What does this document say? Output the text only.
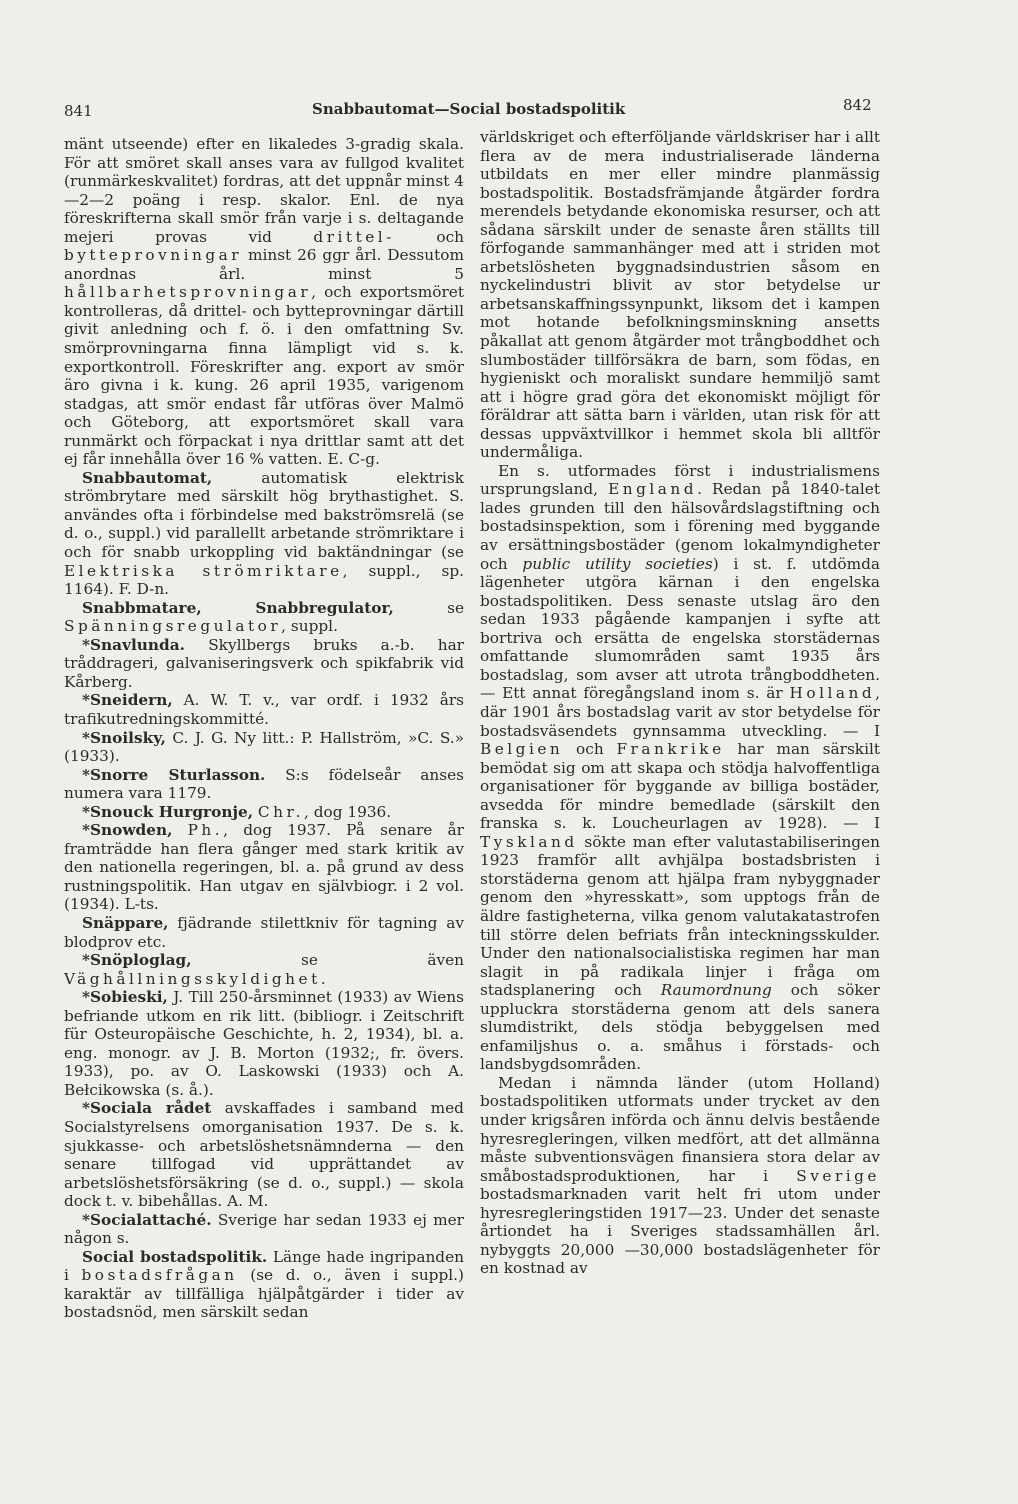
841	Snabbautomat—Social bostadspolitik	842

mänt utseende) efter en likaledes 3-gradig skala. För att smöret skall anses vara av fullgod kvalitet (runmärkeskvalitet) fordras, att det uppnår minst 4—2—2 poäng i resp. skalor. Enl. de nya föreskrifterna skall smör från varje i s. deltagande mejeri provas vid drittel- och bytteprovningar minst 26 ggr årl. Dessutom anordnas årl. minst 5 hållbarhetsprovningar, och exportsmöret kontrolleras, då drittel- och bytteprovningar därtill givit anledning och f. ö. i den omfattning Sv. smörprovningarna finna lämpligt vid s. k. exportkontroll. Föreskrifter ang. export av smör äro givna i k. kung. 26 april 1935, varigenom stadgas, att smör endast får utföras över Malmö och Göteborg, att exportsmöret skall vara runmärkt och förpackat i nya drittlar samt att det ej får innehålla över 16 % vatten. E. C-g.

Snabbautomat, automatisk elektrisk strömbrytare med särskilt hög brythastighet. S. användes ofta i förbindelse med bakströmsrelä (se d. o., suppl.) vid parallellt arbetande strömriktare i och för snabb urkoppling vid baktändningar (se Elektriska strömriktare, suppl., sp. 1164). F. D-n.

Snabbmatare, Snabbregulator, se Spänningsregulator, suppl.

*Snavlunda. Skyllbergs bruks a.-b. har tråddrageri, galvaniseringsverk och spikfabrik vid Kårberg.

*Sneidern, A. W. T. v., var ordf. i 1932 års trafikutredningskommitté.

*Snoilsky, C. J. G. Ny litt.: P. Hallström, »C. S.» (1933).

*Snorre Sturlasson. S:s födelseår anses numera vara 1179.

*Snouck Hurgronje, Chr., dog 1936.

*Snowden, Ph., dog 1937. På senare år framträdde han flera gånger med stark kritik av den nationella regeringen, bl. a. på grund av dess rustningspolitik. Han utgav en självbiogr. i 2 vol. (1934). L-ts.

Snäppare, fjädrande stilettkniv för tagning av blodprov etc.

*Snöploglag, se även Väghållningsskyldighet.

*Sobieski, J. Till 250-årsminnet (1933) av Wiens befriande utkom en rik litt. (bibliogr. i Zeitschrift für Osteuropäische Geschichte, h. 2, 1934), bl. a. eng. monogr. av J. B. Morton (1932;, fr. övers. 1933), po. av O. Laskowski (1933) och A. Bełcikowska (s. å.).

*Sociala rådet avskaffades i samband med Socialstyrelsens omorganisation 1937. De s. k. sjukkasse- och arbetslöshetsnämnderna — den senare tillfogad vid upprättandet av arbetslöshetsförsäkring (se d. o., suppl.) — skola dock t. v. bibehållas. A. M.

*Socialattaché. Sverige har sedan 1933 ej mer någon s.

Social bostadspolitik. Länge hade ingripanden i bostadsfrågan (se d. o., även i suppl.) karaktär av tillfälliga hjälpåtgärder i tider av bostadsnöd, men särskilt sedan

världskriget och efterföljande världskriser har i allt flera av de mera industrialiserade länderna utbildats en mer eller mindre planmässig bostadspolitik. Bostadsfrämjande åtgärder fordra merendels betydande ekonomiska resurser, och att sådana särskilt under de senaste åren ställts till förfogande sammanhänger med att i striden mot arbetslösheten byggnadsindustrien såsom en nyckelindustri blivit av stor betydelse ur arbetsanskaffningssynpunkt, liksom det i kampen mot hotande befolkningsminskning ansetts påkallat att genom åtgärder mot trångboddhet och slumbostäder tillförsäkra de barn, som födas, en hygieniskt och moraliskt sundare hemmiljö samt att i högre grad göra det ekonomiskt möjligt för föräldrar att sätta barn i världen, utan risk för att dessas uppväxtvillkor i hemmet skola bli alltför undermåliga.

En s. utformades först i industrialismens ursprungsland, England. Redan på 1840-talet lades grunden till den hälsovårdslagstiftning och bostadsinspektion, som i förening med byggande av ersättningsbostäder (genom lokalmyndigheter och public utility societies) i st. f. utdömda lägenheter utgöra kärnan i den engelska bostadspolitiken. Dess senaste utslag äro den sedan 1933 pågående kampanjen i syfte att bortriva och ersätta de engelska storstädernas omfattande slumområden samt 1935 års bostadslag, som avser att utrota trångboddheten. — Ett annat föregångsland inom s. är Holland, där 1901 års bostadslag varit av stor betydelse för bostadsväsendets gynnsamma utveckling. — I Belgien och Frankrike har man särskilt bemödat sig om att skapa och stödja halvoffentliga organisationer för byggande av billiga bostäder, avsedda för mindre bemedlade (särskilt den franska s. k. Loucheurlagen av 1928). — I Tyskland sökte man efter valutastabiliseringen 1923 framför allt avhjälpa bostadsbristen i storstäderna genom att hjälpa fram nybyggnader genom den »hyresskatt», som upptogs från de äldre fastigheterna, vilka genom valutakatastrofen till större delen befriats från inteckningsskulder. Under den nationalsocialistiska regimen har man slagit in på radikala linjer i fråga om stadsplanering och Raumordnung och söker uppluckra storstäderna genom att dels sanera slumdistrikt, dels stödja bebyggelsen med enfamiljshus o. a. småhus i förstads- och landsbygdsområden.

Medan i nämnda länder (utom Holland) bostadspolitiken utformats under trycket av den under krigsåren införda och ännu delvis bestående hyresregleringen, vilken medfört, att det allmänna måste subventionsvägen finansiera stora delar av småbostadsproduktionen, har i Sverige bostadsmarknaden varit helt fri utom under hyresregleringstiden 1917—23. Under det senaste årtiondet ha i Sveriges stadssamhällen årl. nybyggts 20,000 —30,000 bostadslägenheter för en kostnad av
